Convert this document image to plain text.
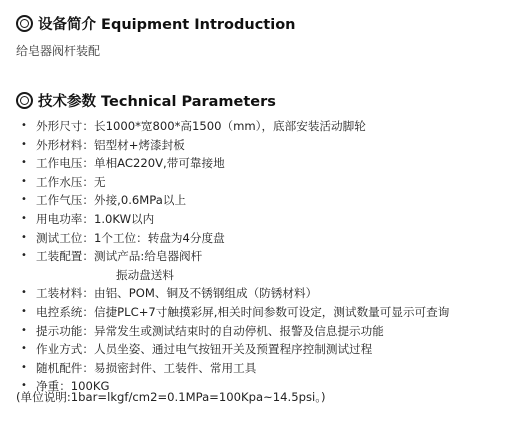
设备简介 Equipment Introduction
给皂器阀杆装配
技术参数 Technical Parameters
• 外形尺寸：长1000*宽800*高1500（mm），底部安装活动脚轮
• 外形材料：铝型材+烤漆封板
• 工作电压：单相AC220V,带可靠接地
• 工作水压：无
• 工作气压：外接,0.6MPa以上
• 用电功率：1.0KW以内
• 测试工位：1个工位：转盘为4分度盘
• 工装配置：测试产品:给皂器阀杆
振动盘送料
• 工装材料：由铝、POM、铜及不锈钢组成（防锈材料）
• 电控系统：信捷PLC+7寸触摸彩屏,相关时间参数可设定，测试数量可显示可查询
• 提示功能：异常发生或测试结束时的自动停机、报警及信息提示功能
• 作业方式：人员坐姿、通过电气按钮开关及预置程序控制测试过程
• 随机配件：易损密封件、工装件、常用工具
• 净重：100KG
(单位说明:1bar=lkgf/cm2=0.1MPa=100Kpa~14.5psi。)
